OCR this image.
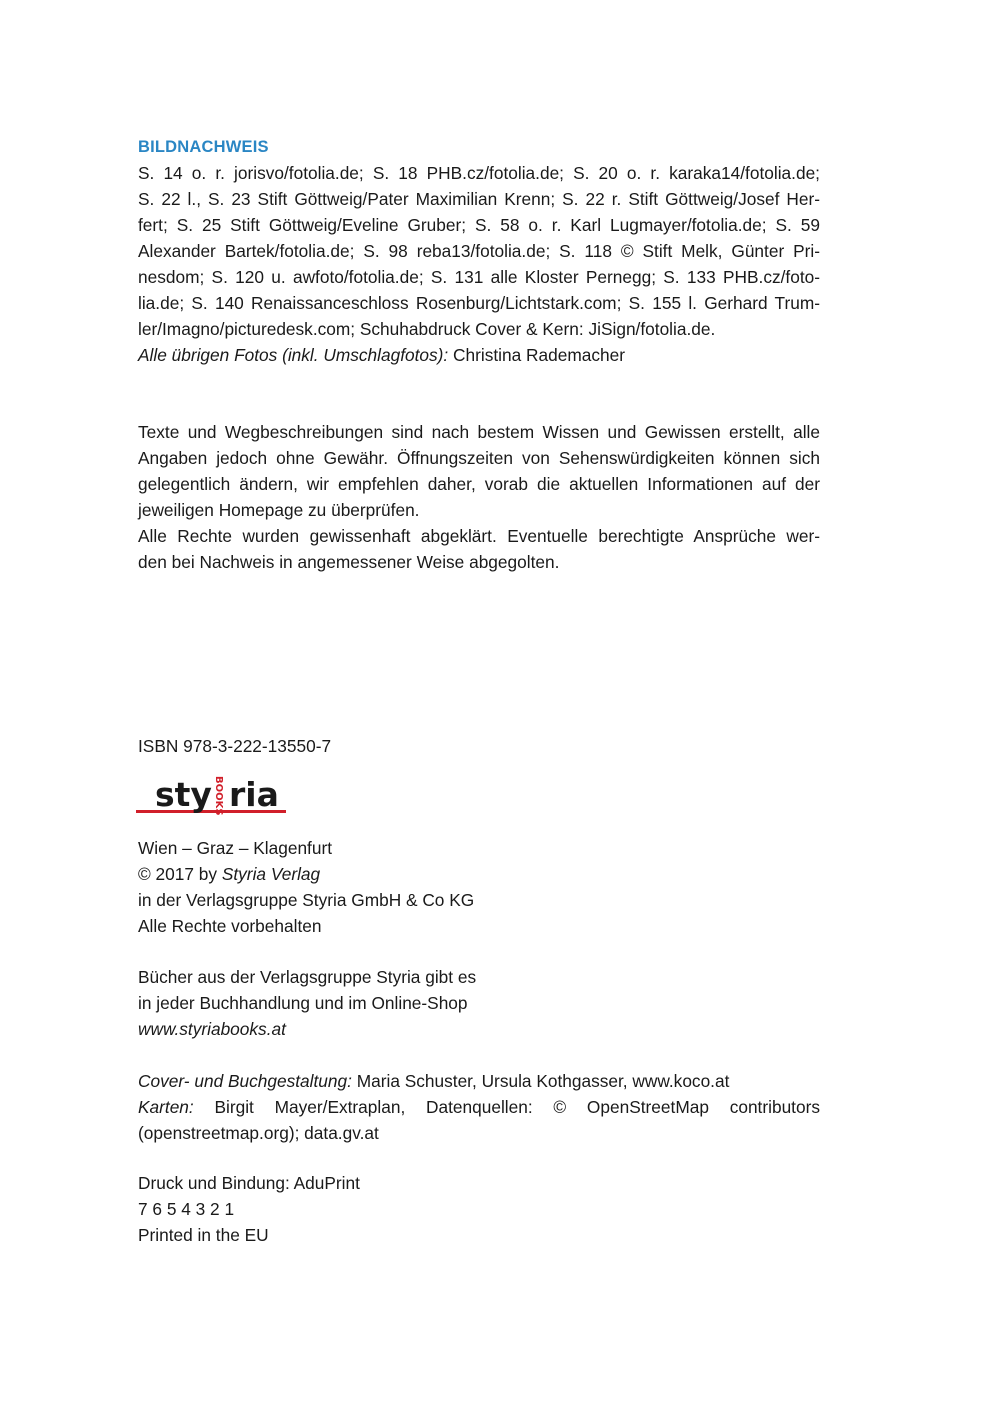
BILDNACHWEIS
S. 14 o. r. jorisvo/fotolia.de; S. 18 PHB.cz/fotolia.de; S. 20 o. r. karaka14/fotolia.de;
S. 22 l., S. 23 Stift Göttweig/Pater Maximilian Krenn; S. 22 r. Stift Göttweig/Josef Her-
fert; S. 25 Stift Göttweig/Eveline Gruber; S. 58 o. r. Karl Lugmayer/fotolia.de; S. 59
Alexander Bartek/fotolia.de; S. 98 reba13/fotolia.de; S. 118 © Stift Melk, Günter Pri-
nesdom; S. 120 u. awfoto/fotolia.de; S. 131 alle Kloster Pernegg; S. 133 PHB.cz/foto-
lia.de; S. 140 Renaissanceschloss Rosenburg/Lichtstark.com; S. 155 l. Gerhard Trum-
ler/Imagno/picturedesk.com; Schuhabdruck Cover & Kern: JiSign/fotolia.de.
Alle übrigen Fotos (inkl. Umschlagfotos): Christina Rademacher
Texte und Wegbeschreibungen sind nach bestem Wissen und Gewissen erstellt, alle
Angaben jedoch ohne Gewähr. Öffnungszeiten von Sehenswürdigkeiten können sich
gelegentlich ändern, wir empfehlen daher, vorab die aktuellen Informationen auf der
jeweiligen Homepage zu überprüfen.
Alle Rechte wurden gewissenhaft abgeklärt. Eventuelle berechtigte Ansprüche wer-
den bei Nachweis in angemessener Weise abgegolten.
ISBN 978-3-222-13550-7
sty BOOKS ria
Wien – Graz – Klagenfurt
© 2017 by Styria Verlag
in der Verlagsgruppe Styria GmbH & Co KG
Alle Rechte vorbehalten
Bücher aus der Verlagsgruppe Styria gibt es
in jeder Buchhandlung und im Online-Shop
www.styriabooks.at
Cover- und Buchgestaltung: Maria Schuster, Ursula Kothgasser, www.koco.at
Karten: Birgit Mayer/Extraplan, Datenquellen: © OpenStreetMap contributors
(openstreetmap.org); data.gv.at
Druck und Bindung: AduPrint
7 6 5 4 3 2 1
Printed in the EU
